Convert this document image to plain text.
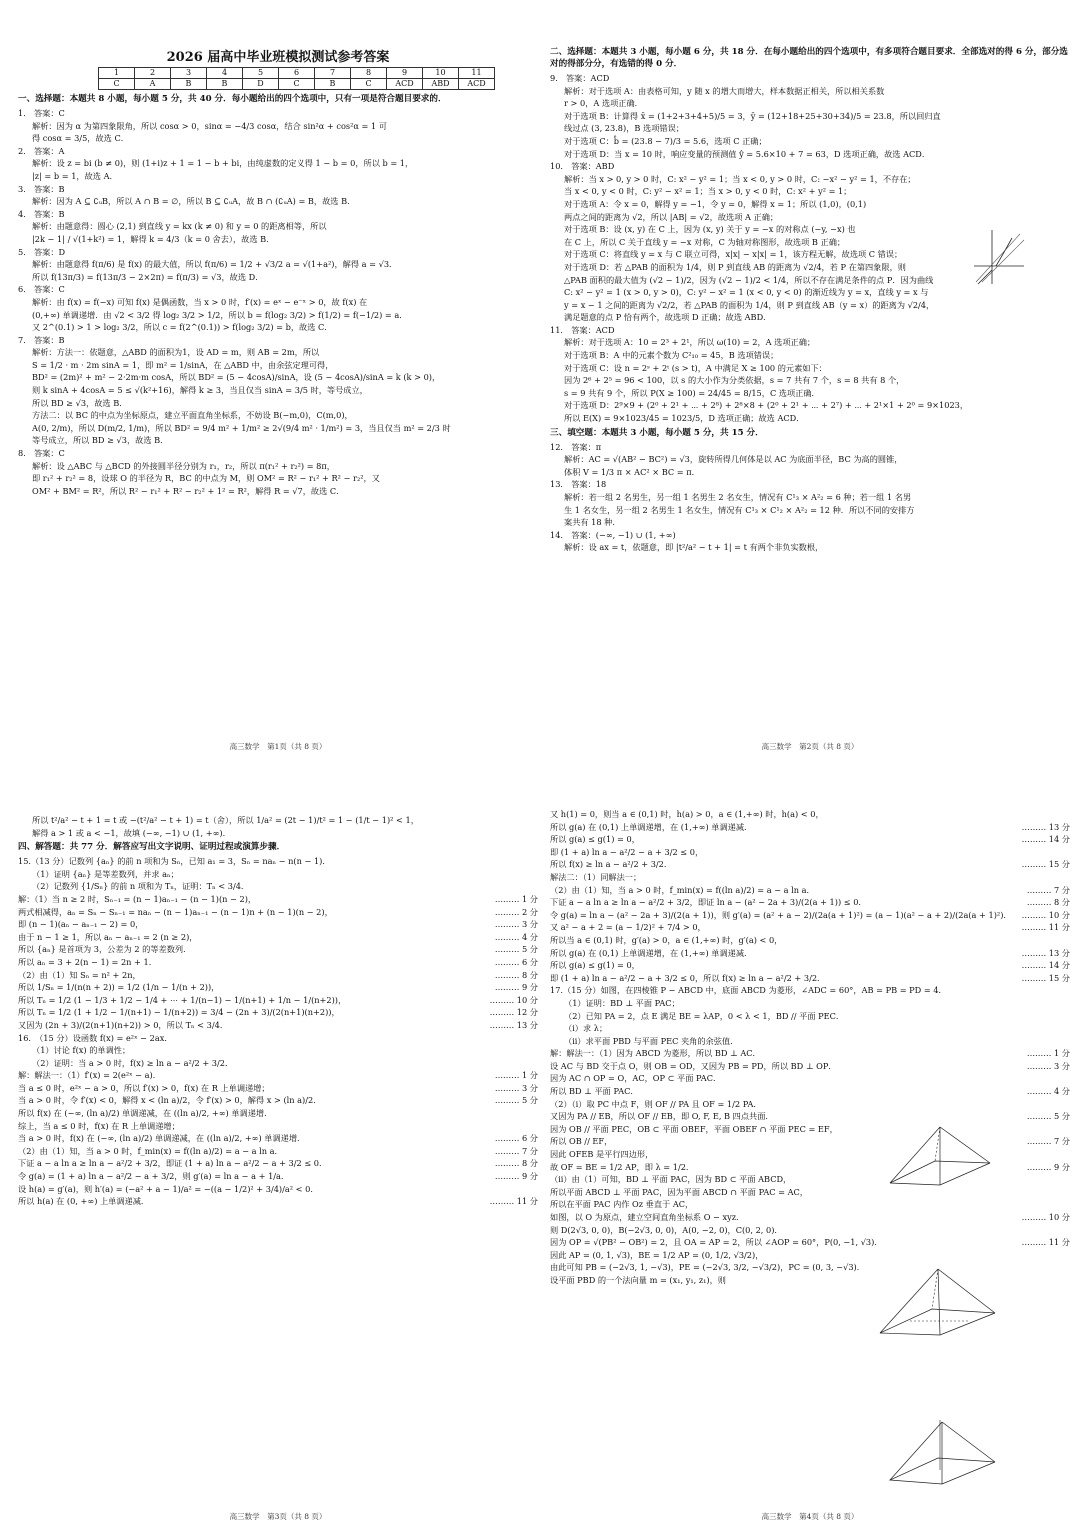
2026 届高中毕业班模拟测试参考答案
1	2	3	4	5	6	7	8	9	10	11
C	A	B	B	D	C	B	C	ACD	ABD	ACD
一、选择题：本题共 8 小题，每小题 5 分，共 40 分．每小题给出的四个选项中，只有一项是符合题目要求的．
1． 答案：C
解析：因为 α 为第四象限角，所以 cosα > 0，sinα = −4/3 cosα，结合 sin²α + cos²α = 1 可
得 cosα = 3/5，故选 C．
2． 答案：A
解析：设 z = bi (b ≠ 0)，则 (1+i)z + 1 = 1 − b + bi，由纯虚数的定义得 1 − b = 0，所以 b = 1，
|z| = b = 1，故选 A．
3． 答案：B
解析：因为 A ⊆ ∁ᵤB，所以 A ∩ B = ∅，所以 B ⊆ ∁ᵤA，故 B ∩ (∁ᵤA) = B，故选 B．
4． 答案：B
解析：由题意得：圆心 (2,1) 到直线 y = kx (k ≠ 0) 和 y = 0 的距离相等，所以
|2k − 1| / √(1+k²) = 1，解得 k = 4/3（k = 0 舍去），故选 B．
5． 答案：D
解析：由题意得 f(π/6) 是 f(x) 的最大值，所以 f(π/6) = 1/2 + √3/2 a = √(1+a²)，解得 a = √3．
所以 f(13π/3) = f(13π/3 − 2×2π) = f(π/3) = √3，故选 D．
6． 答案：C
解析：由 f(x) = f(−x) 可知 f(x) 是偶函数，当 x > 0 时，f′(x) = eˣ − e⁻ˣ > 0，故 f(x) 在
(0,+∞) 单调递增．由 √2 < 3/2 得 log₂ 3/2 > 1/2，所以 b = f(log₂ 3/2) > f(1/2) = f(−1/2) = a．
又 2^(0.1) > 1 > log₂ 3/2，所以 c = f(2^(0.1)) > f(log₂ 3/2) = b，故选 C．
7． 答案：B
解析：方法一：依题意，△ABD 的面积为1，设 AD = m，则 AB = 2m，所以
S = 1/2 · m · 2m sinA = 1，即 m² = 1/sinA，在 △ABD 中，由余弦定理可得，
BD² = (2m)² + m² − 2·2m·m cosA，所以 BD² = (5 − 4cosA)/sinA，设 (5 − 4cosA)/sinA = k (k > 0)，
则 k sinA + 4cosA = 5 ≤ √(k²+16)，解得 k ≥ 3，当且仅当 sinA = 3/5 时，等号成立，
所以 BD ≥ √3，故选 B．
方法二：以 BC 的中点为坐标原点，建立平面直角坐标系，不妨设 B(−m,0)，C(m,0)，
A(0, 2/m)，所以 D(m/2, 1/m)，所以 BD² = 9/4 m² + 1/m² ≥ 2√(9/4 m² · 1/m²) = 3，当且仅当 m² = 2/3 时
等号成立，所以 BD ≥ √3，故选 B．
8． 答案：C
解析：设 △ABC 与 △BCD 的外接圆半径分别为 r₁，r₂，所以 π(r₁² + r₂²) = 8π，
即 r₁² + r₂² = 8，设球 O 的半径为 R，BC 的中点为 M，则 OM² = R² − r₁² + R² − r₂²，又
OM² + BM² = R²，所以 R² − r₁² + R² − r₂² + 1² = R²，解得 R = √7，故选 C．
高三数学　第1页（共 8 页）
二、选择题：本题共 3 小题，每小题 6 分，共 18 分．在每小题给出的四个选项中，有多项符合题目要求．全部选对的得 6 分，部分选对的得部分分，有选错的得 0 分．
9． 答案：ACD
解析：对于选项 A：由表格可知，y 随 x 的增大而增大，样本数据正相关，所以相关系数
r > 0，A 选项正确．
对于选项 B：计算得 x̄ = (1+2+3+4+5)/5 = 3，ȳ = (12+18+25+30+34)/5 = 23.8，所以回归直
线过点 (3, 23.8)，B 选项错误；
对于选项 C：b̂ = (23.8 − 7)/3 = 5.6，选项 C 正确；
对于选项 D：当 x = 10 时，响应变量的预测值 ŷ = 5.6×10 + 7 = 63，D 选项正确，故选 ACD．
10． 答案：ABD
解析：当 x > 0, y > 0 时，C: x² − y² = 1；当 x < 0, y > 0 时，C: −x² − y² = 1，不存在；
当 x < 0, y < 0 时，C: y² − x² = 1；当 x > 0, y < 0 时，C: x² + y² = 1；
对于选项 A：令 x = 0，解得 y = −1，令 y = 0，解得 x = 1；所以 (1,0)，(0,1)
两点之间的距离为 √2，所以 |AB| = √2，故选项 A 正确；
对于选项 B：设 (x, y) 在 C 上，因为 (x, y) 关于 y = −x 的对称点 (−y, −x) 也
在 C 上，所以 C 关于直线 y = −x 对称，C 为轴对称图形，故选项 B 正确；
对于选项 C：将直线 y = x 与 C 联立可得，x|x| − x|x| = 1，该方程无解，故选项 C 错误；
对于选项 D：若 △PAB 的面积为 1/4，则 P 到直线 AB 的距离为 √2/4，若 P 在第四象限，则
△PAB 面积的最大值为 (√2 − 1)/2，因为 (√2 − 1)/2 < 1/4，所以不存在满足条件的点 P．因为曲线
C: x² − y² = 1 (x > 0, y > 0)，C: y² − x² = 1 (x < 0, y < 0) 的渐近线为 y = x，直线 y = x 与
y = x − 1 之间的距离为 √2/2，若 △PAB 的面积为 1/4，则 P 到直线 AB（y = x）的距离为 √2/4，
满足题意的点 P 恰有两个，故选项 D 正确；故选 ABD．
11． 答案：ACD
解析：对于选项 A：10 = 2³ + 2¹，所以 ω(10) = 2，A 选项正确；
对于选项 B：A 中的元素个数为 C²₁₀ = 45，B 选项错误；
对于选项 C：设 n = 2ˢ + 2ᵗ (s > t)，A 中满足 X ≥ 100 的元素如下：
因为 2⁶ + 2⁵ = 96 < 100，以 s 的大小作为分类依据，s = 7 共有 7 个，s = 8 共有 8 个，
s = 9 共有 9 个，所以 P(X ≥ 100) = 24/45 = 8/15，C 选项正确．
对于选项 D：2⁹×9 + (2⁰ + 2¹ + ⋯ + 2⁸) + 2⁸×8 + (2⁰ + 2¹ + ⋯ + 2⁷) + ⋯ + 2¹×1 + 2⁰ = 9×1023，
所以 E(X) = 9×1023/45 = 1023/5，D 选项正确；故选 ACD．
三、填空题：本题共 3 小题，每小题 5 分，共 15 分．
12． 答案：π
解析：AC = √(AB² − BC²) = √3，旋转所得几何体是以 AC 为底面半径，BC 为高的圆锥，
体积 V = 1/3 π × AC² × BC = π．
13． 答案：18
解析：若一组 2 名男生，另一组 1 名男生 2 名女生，情况有 C¹₃ × A²₂ = 6 种；若一组 1 名男
生 1 名女生，另一组 2 名男生 1 名女生，情况有 C¹₃ × C¹₂ × A²₂ = 12 种．所以不同的安排方
案共有 18 种．
14． 答案：(−∞, −1) ∪ (1, +∞)
解析：设 ax = t，依题意，即 |t²/a² − t + 1| = t 有两个非负实数根，
高三数学　第2页（共 8 页）
所以 t²/a² − t + 1 = t 或 −(t²/a² − t + 1) = t（舍），所以 1/a² = (2t − 1)/t² = 1 − (1/t − 1)² < 1，
解得 a > 1 或 a < −1，故填 (−∞, −1) ∪ (1, +∞)．
四、解答题：共 77 分．解答应写出文字说明、证明过程或演算步骤．
15.（13 分）记数列 {aₙ} 的前 n 项和为 Sₙ，已知 a₁ = 3，Sₙ = naₙ − n(n − 1)．
（1）证明 {aₙ} 是等差数列，并求 aₙ；
（2）记数列 {1/Sₙ} 的前 n 项和为 Tₙ，证明：Tₙ < 3/4．
解：（1）当 n ≥ 2 时，Sₙ₋₁ = (n − 1)aₙ₋₁ − (n − 1)(n − 2)，	……… 1 分
两式相减得，aₙ = Sₙ − Sₙ₋₁ = naₙ − (n − 1)aₙ₋₁ − (n − 1)n + (n − 1)(n − 2)，	……… 2 分
即 (n − 1)(aₙ − aₙ₋₁ − 2) = 0，	……… 3 分
由于 n − 1 ≥ 1，所以 aₙ − aₙ₋₁ = 2 (n ≥ 2)，	……… 4 分
所以 {aₙ} 是首项为 3，公差为 2 的等差数列．	……… 5 分
所以 aₙ = 3 + 2(n − 1) = 2n + 1．	……… 6 分
（2）由（1）知 Sₙ = n² + 2n，	……… 8 分
所以 1/Sₙ = 1/(n(n + 2)) = 1/2 (1/n − 1/(n + 2))，	……… 9 分
所以 Tₙ = 1/2 (1 − 1/3 + 1/2 − 1/4 + ⋯ + 1/(n−1) − 1/(n+1) + 1/n − 1/(n+2))，	……… 10 分
所以 Tₙ = 1/2 (1 + 1/2 − 1/(n+1) − 1/(n+2)) = 3/4 − (2n + 3)/(2(n+1)(n+2))，	……… 12 分
又因为 (2n + 3)/(2(n+1)(n+2)) > 0，所以 Tₙ < 3/4．	……… 13 分
16.　（15 分）设函数 f(x) = e²ˣ − 2ax．
（1）讨论 f(x) 的单调性；
（2）证明：当 a > 0 时，f(x) ≥ ln a − a²/2 + 3/2．
解：解法一：（1）f′(x) = 2(e²ˣ − a)．	……… 1 分
当 a ≤ 0 时，e²ˣ − a > 0，所以 f′(x) > 0，f(x) 在 R 上单调递增；	……… 3 分
当 a > 0 时，令 f′(x) < 0，解得 x < (ln a)/2，令 f′(x) > 0，解得 x > (ln a)/2．	……… 5 分
所以 f(x) 在 (−∞, (ln a)/2) 单调递减，在 ((ln a)/2, +∞) 单调递增．
综上，当 a ≤ 0 时，f(x) 在 R 上单调递增；
当 a > 0 时，f(x) 在 (−∞, (ln a)/2) 单调递减，在 ((ln a)/2, +∞) 单调递增．	……… 6 分
（2）由（1）知，当 a > 0 时，f_min(x) = f((ln a)/2) = a − a ln a．	……… 7 分
下证 a − a ln a ≥ ln a − a²/2 + 3/2，即证 (1 + a) ln a − a²/2 − a + 3/2 ≤ 0．	……… 8 分
令 g(a) = (1 + a) ln a − a²/2 − a + 3/2，则 g′(a) = ln a − a + 1/a．	……… 9 分
设 h(a) = g′(a)，则 h′(a) = (−a² + a − 1)/a² = −((a − 1/2)² + 3/4)/a² < 0．
所以 h(a) 在 (0, +∞) 上单调递减．	……… 11 分
高三数学　第3页（共 8 页）
又 h(1) = 0，则当 a ∈ (0,1) 时，h(a) > 0，a ∈ (1,+∞) 时，h(a) < 0，
所以 g(a) 在 (0,1) 上单调递增，在 (1,+∞) 单调递减．	……… 13 分
所以 g(a) ≤ g(1) = 0，	……… 14 分
即 (1 + a) ln a − a²/2 − a + 3/2 ≤ 0，
所以 f(x) ≥ ln a − a²/2 + 3/2．	……… 15 分
解法二：（1）同解法一；
（2）由（1）知，当 a > 0 时，f_min(x) = f((ln a)/2) = a − a ln a．	……… 7 分
下证 a − a ln a ≥ ln a − a²/2 + 3/2，即证 ln a − (a² − 2a + 3)/(2(a + 1)) ≤ 0．	……… 8 分
令 g(a) = ln a − (a² − 2a + 3)/(2(a + 1))，则 g′(a) = (a² + a − 2)/(2a(a + 1)²) = (a − 1)(a² − a + 2)/(2a(a + 1)²)． ……… 10 分
又 a² − a + 2 = (a − 1/2)² + 7/4 > 0，	……… 11 分
所以当 a ∈ (0,1) 时，g′(a) > 0，a ∈ (1,+∞) 时，g′(a) < 0，
所以 g(a) 在 (0,1) 上单调递增，在 (1,+∞) 单调递减．	……… 13 分
所以 g(a) ≤ g(1) = 0，	……… 14 分
即 (1 + a) ln a − a²/2 − a + 3/2 ≤ 0，所以 f(x) ≥ ln a − a²/2 + 3/2．	……… 15 分
17.（15 分）如图，在四棱锥 P − ABCD 中，底面 ABCD 为菱形，∠ADC = 60°，AB = PB = PD = 4．
（1）证明：BD ⊥ 平面 PAC；
（2）已知 PA = 2，点 E 满足 BE = λAP，0 < λ < 1，BD // 平面 PEC．
（i）求 λ；
（ii）求平面 PBD 与平面 PEC 夹角的余弦值．
解：解法一：（1）因为 ABCD 为菱形，所以 BD ⊥ AC．	……… 1 分
设 AC 与 BD 交于点 O，则 OB = OD，又因为 PB = PD，所以 BD ⊥ OP．	……… 3 分
因为 AC ∩ OP = O，AC，OP ⊂ 平面 PAC．
所以 BD ⊥ 平面 PAC．	……… 4 分
（2）（i）取 PC 中点 F，则 OF // PA 且 OF = 1/2 PA．
又因为 PA // EB，所以 OF // EB，即 O, F, E, B 四点共面．	……… 5 分
因为 OB // 平面 PEC，OB ⊂ 平面 OBEF，平面 OBEF ∩ 平面 PEC = EF，
所以 OB // EF，	……… 7 分
因此 OFEB 是平行四边形，
故 OF = BE = 1/2 AP，即 λ = 1/2．	……… 9 分
（ii）由（1）可知，BD ⊥ 平面 PAC，因为 BD ⊂ 平面 ABCD，
所以平面 ABCD ⊥ 平面 PAC，因为平面 ABCD ∩ 平面 PAC = AC，
所以在平面 PAC 内作 Oz 垂直于 AC，
如图，以 O 为原点，建立空间直角坐标系 O − xyz．	……… 10 分
则 D(2√3, 0, 0)，B(−2√3, 0, 0)，A(0, −2, 0)，C(0, 2, 0)．
因为 OP = √(PB² − OB²) = 2，且 OA = AP = 2，所以 ∠AOP = 60°，P(0, −1, √3)．	……… 11 分
因此 AP = (0, 1, √3)，BE = 1/2 AP = (0, 1/2, √3/2)，
由此可知 PB = (−2√3, 1, −√3)，PE = (−2√3, 3/2, −√3/2)，PC = (0, 3, −√3)．
设平面 PBD 的一个法向量 m = (x₁, y₁, z₁)，则
高三数学　第4页（共 8 页）
